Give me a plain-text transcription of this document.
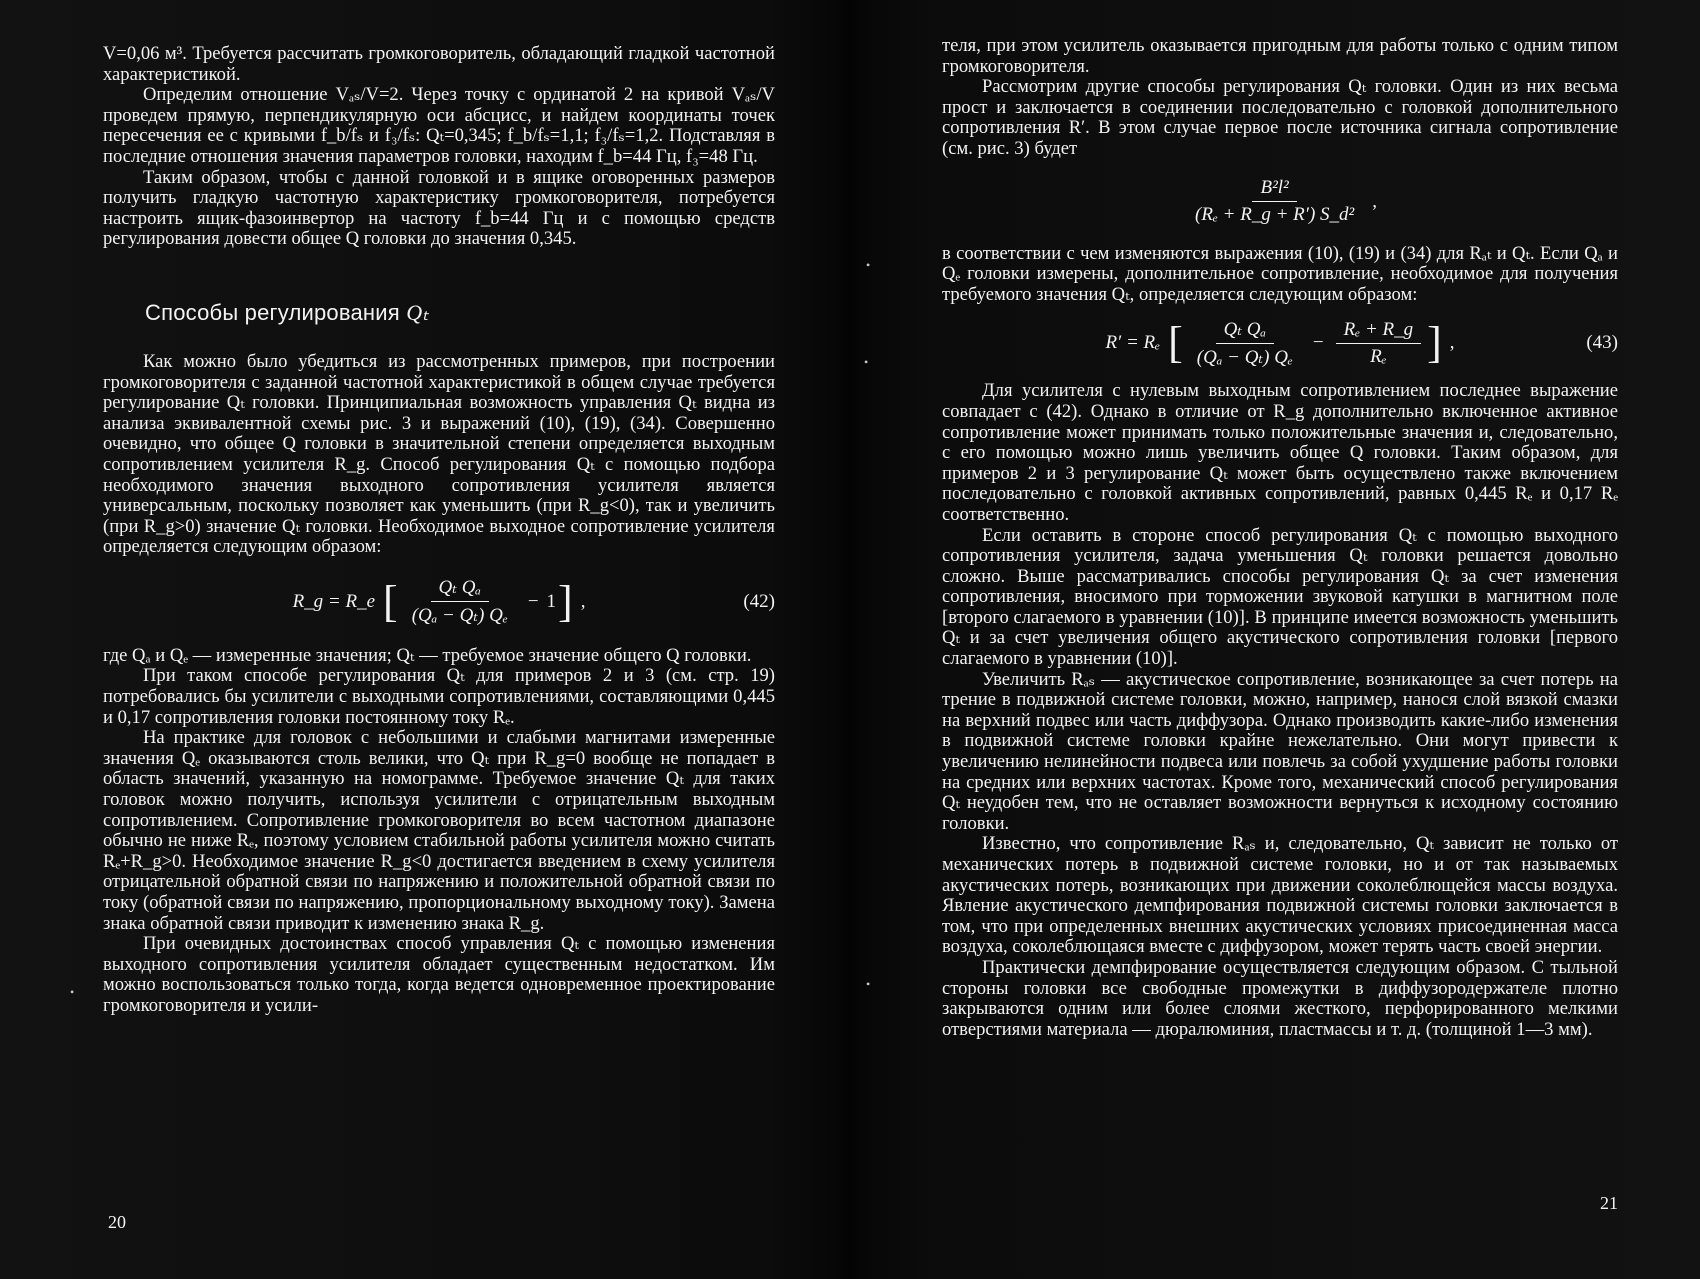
V=0,06 м³. Требуется рассчитать громкоговоритель, обладающий гладкой частотной характеристикой.

Определим отношение Vₐₛ/V=2. Через точку с ординатой 2 на кривой Vₐₛ/V проведем прямую, перпендикулярную оси абсцисс, и найдем координаты точек пересечения ее с кривыми f_b/fₛ и f₃/fₛ: Qₜ=0,345; f_b/fₛ=1,1; f₃/fₛ=1,2. Подставляя в последние отношения значения параметров головки, находим f_b=44 Гц, f₃=48 Гц.

Таким образом, чтобы с данной головкой и в ящике оговоренных размеров получить гладкую частотную характеристику громкоговорителя, потребуется настроить ящик-фазоинвертор на частоту f_b=44 Гц и с помощью средств регулирования довести общее Q головки до значения 0,345.

Способы регулирования Qₜ

Как можно было убедиться из рассмотренных примеров, при построении громкоговорителя с заданной частотной характеристикой в общем случае требуется регулирование Qₜ головки. Принципиальная возможность управления Qₜ видна из анализа эквивалентной схемы рис. 3 и выражений (10), (19), (34). Совершенно очевидно, что общее Q головки в значительной степени определяется выходным сопротивлением усилителя R_g. Способ регулирования Qₜ с помощью подбора необходимого значения выходного сопротивления усилителя является универсальным, поскольку позволяет как уменьшить (при R_g<0), так и увеличить (при R_g>0) значение Qₜ головки. Необходимое выходное сопротивление усилителя определяется следующим образом:

R_g = R_e [ $\frac{\text{Qₜ Qₐ}}{\text{(Qₐ − Qₜ) Qₑ}} - 1$ ] ,	(42)

где Qₐ и Qₑ — измеренные значения; Qₜ — требуемое значение общего Q головки.

При таком способе регулирования Qₜ для примеров 2 и 3 (см. стр. 19) потребовались бы усилители с выходными сопротивлениями, составляющими 0,445 и 0,17 сопротивления головки постоянному току Rₑ.

На практике для головок с небольшими и слабыми магнитами измеренные значения Qₑ оказываются столь велики, что Qₜ при R_g=0 вообще не попадает в область значений, указанную на номограмме. Требуемое значение Qₜ для таких головок можно получить, используя усилители с отрицательным выходным сопротивлением. Сопротивление громкоговорителя во всем частотном диапазоне обычно не ниже Rₑ, поэтому условием стабильной работы усилителя можно считать Rₑ+R_g>0. Необходимое значение R_g<0 достигается введением в схему усилителя отрицательной обратной связи по напряжению и положительной обратной связи по току (обратной связи по напряжению, пропорциональному выходному току). Замена знака обратной связи приводит к изменению знака R_g.

При очевидных достоинствах способ управления Qₜ с помощью изменения выходного сопротивления усилителя обладает существенным недостатком. Им можно воспользоваться только тогда, когда ведется одновременное проектирование громкоговорителя и усили-

20

теля, при этом усилитель оказывается пригодным для работы только с одним типом громкоговорителя.

Рассмотрим другие способы регулирования Qₜ головки. Один из них весьма прост и заключается в соединении последовательно с головкой дополнительного сопротивления R′. В этом случае первое после источника сигнала сопротивление (см. рис. 3) будет

$\frac{\text{B²l²}}{\text{(Rₑ + R\_g + R′) S\_d²}}$ ,

в соответствии с чем изменяются выражения (10), (19) и (34) для Rₐₜ и Qₜ. Если Qₐ и Qₑ головки измерены, дополнительное сопротивление, необходимое для получения требуемого значения Qₜ, определяется следующим образом:

R′ = Rₑ [ $\frac{\text{Qₜ Qₐ}}{\text{(Qₐ − Qₜ) Qₑ}} - \frac{\text{Rₑ + R\_g}}{\text{Rₑ}}$ ] ,	(43)

Для усилителя с нулевым выходным сопротивлением последнее выражение совпадает с (42). Однако в отличие от R_g дополнительно включенное активное сопротивление может принимать только положительные значения и, следовательно, с его помощью можно лишь увеличить общее Q головки. Таким образом, для примеров 2 и 3 регулирование Qₜ может быть осуществлено также включением последовательно с головкой активных сопротивлений, равных 0,445 Rₑ и 0,17 Rₑ соответственно.

Если оставить в стороне способ регулирования Qₜ с помощью выходного сопротивления усилителя, задача уменьшения Qₜ головки решается довольно сложно. Выше рассматривались способы регулирования Qₜ за счет изменения сопротивления, вносимого при торможении звуковой катушки в магнитном поле [второго слагаемого в уравнении (10)]. В принципе имеется возможность уменьшить Qₜ и за счет увеличения общего акустического сопротивления головки [первого слагаемого в уравнении (10)].

Увеличить Rₐₛ — акустическое сопротивление, возникающее за счет потерь на трение в подвижной системе головки, можно, например, нанося слой вязкой смазки на верхний подвес или часть диффузора. Однако производить какие-либо изменения в подвижной системе головки крайне нежелательно. Они могут привести к увеличению нелинейности подвеса или повлечь за собой ухудшение работы головки на средних или верхних частотах. Кроме того, механический способ регулирования Qₜ неудобен тем, что не оставляет возможности вернуться к исходному состоянию головки.

Известно, что сопротивление Rₐₛ и, следовательно, Qₜ зависит не только от механических потерь в подвижной системе головки, но и от так называемых акустических потерь, возникающих при движении соколеблющейся массы воздуха. Явление акустического демпфирования подвижной системы головки заключается в том, что при определенных внешних акустических условиях присоединенная масса воздуха, соколеблющаяся вместе с диффузором, может терять часть своей энергии.

Практически демпфирование осуществляется следующим образом. С тыльной стороны головки все свободные промежутки в диффузородержателе плотно закрываются одним или более слоями жесткого, перфорированного мелкими отверстиями материала — дюралюминия, пластмассы и т. д. (толщиной 1—3 мм).

21
•
•
•
•
